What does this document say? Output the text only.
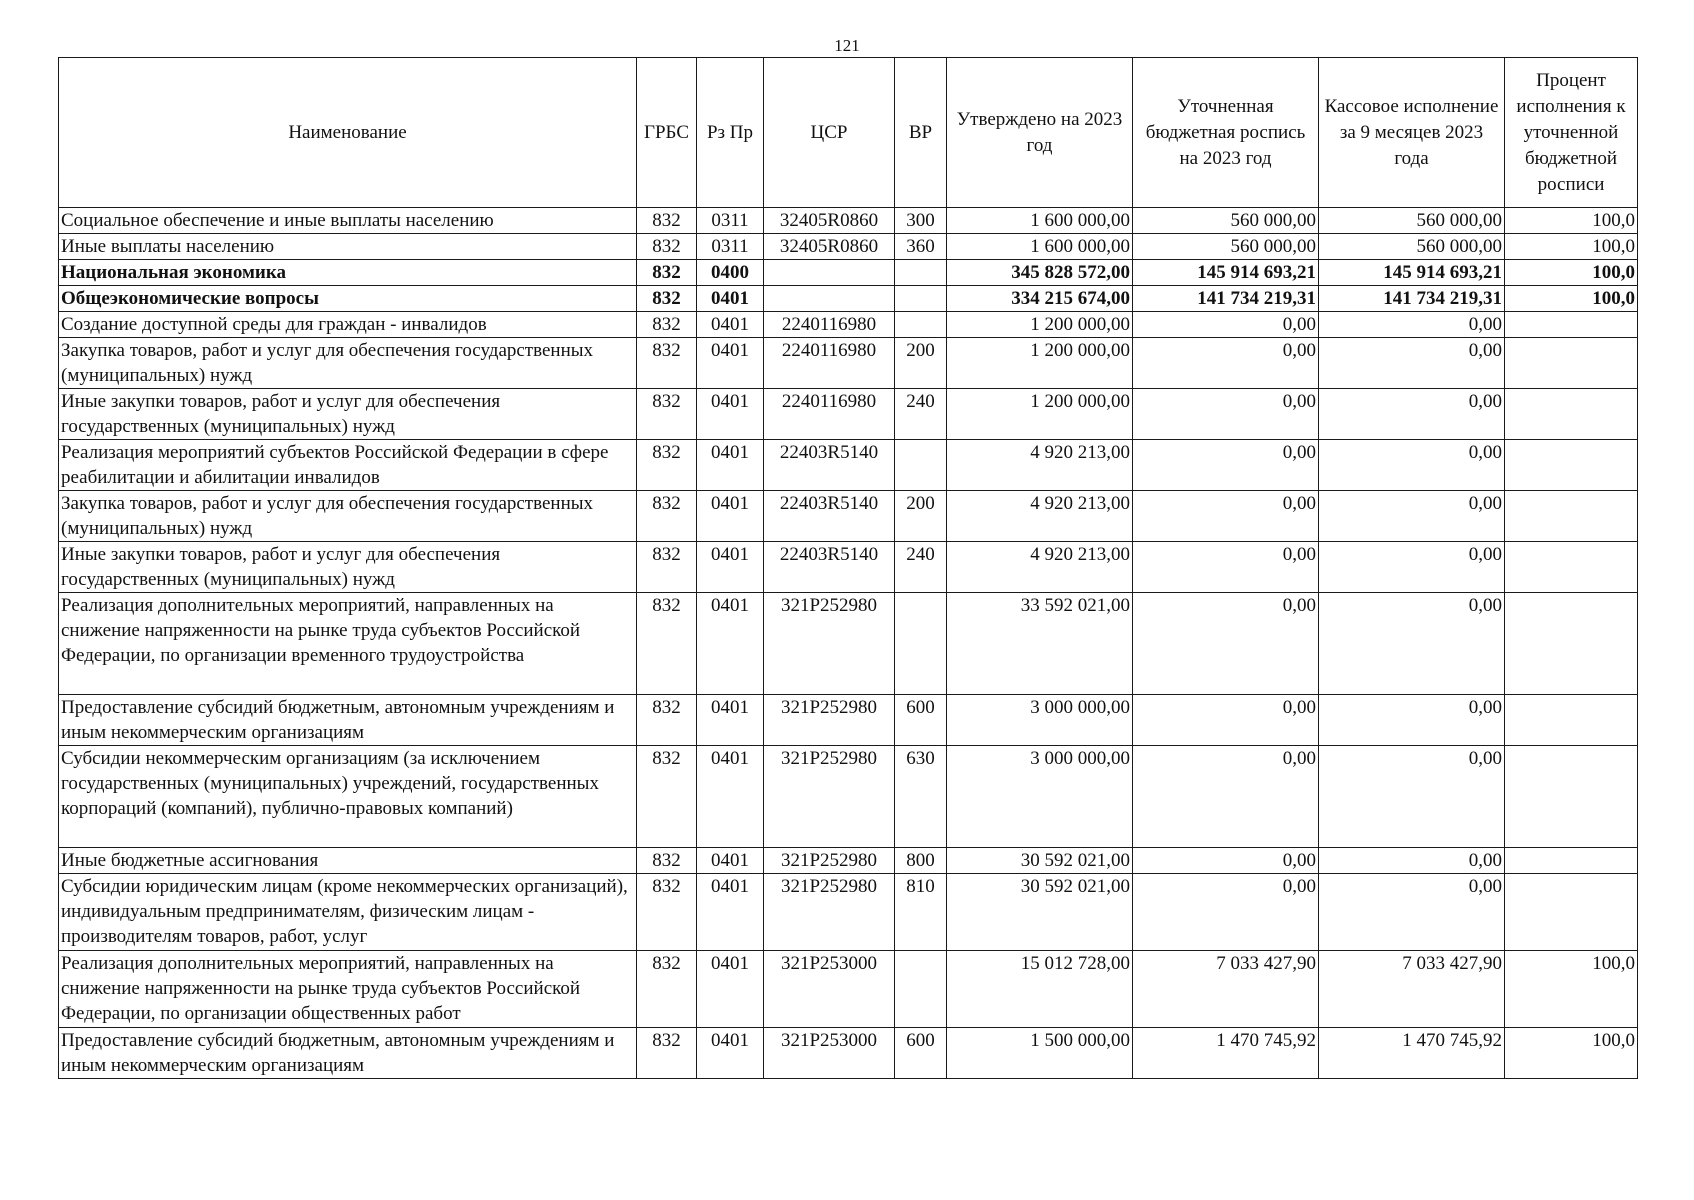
121
Наименование	ГРБС	Рз Пр	ЦСР	ВР	Утверждено на 2023 год	Уточненная бюджетная роспись на 2023 год	Кассовое исполнение за 9 месяцев 2023 года	Процент исполнения к уточненной бюджетной росписи
Социальное обеспечение и иные выплаты населению	832	0311	32405R0860	300	1 600 000,00	560 000,00	560 000,00	100,0
Иные выплаты населению	832	0311	32405R0860	360	1 600 000,00	560 000,00	560 000,00	100,0
Национальная экономика	832	0400			345 828 572,00	145 914 693,21	145 914 693,21	100,0
Общеэкономические вопросы	832	0401			334 215 674,00	141 734 219,31	141 734 219,31	100,0
Создание доступной среды для граждан - инвалидов	832	0401	2240116980		1 200 000,00	0,00	0,00	
Закупка товаров, работ и услуг для обеспечения государственных (муниципальных) нужд	832	0401	2240116980	200	1 200 000,00	0,00	0,00	
Иные закупки товаров, работ и услуг для обеспечения государственных (муниципальных) нужд	832	0401	2240116980	240	1 200 000,00	0,00	0,00	
Реализация мероприятий субъектов Российской Федерации в сфере реабилитации и абилитации инвалидов	832	0401	22403R5140		4 920 213,00	0,00	0,00	
Закупка товаров, работ и услуг для обеспечения государственных (муниципальных) нужд	832	0401	22403R5140	200	4 920 213,00	0,00	0,00	
Иные закупки товаров, работ и услуг для обеспечения государственных (муниципальных) нужд	832	0401	22403R5140	240	4 920 213,00	0,00	0,00	
Реализация дополнительных мероприятий, направленных на снижение напряженности на рынке труда субъектов Российской Федерации, по организации временного трудоустройства	832	0401	321P252980		33 592 021,00	0,00	0,00	
Предоставление субсидий бюджетным, автономным учреждениям и иным некоммерческим организациям	832	0401	321P252980	600	3 000 000,00	0,00	0,00	
Субсидии некоммерческим организациям (за исключением государственных (муниципальных) учреждений, государственных корпораций (компаний), публично-правовых компаний)	832	0401	321P252980	630	3 000 000,00	0,00	0,00	
Иные бюджетные ассигнования	832	0401	321P252980	800	30 592 021,00	0,00	0,00	
Субсидии юридическим лицам (кроме некоммерческих организаций), индивидуальным предпринимателям, физическим лицам - производителям товаров, работ, услуг	832	0401	321P252980	810	30 592 021,00	0,00	0,00	
Реализация дополнительных мероприятий, направленных на снижение напряженности на рынке труда субъектов Российской Федерации, по организации общественных работ	832	0401	321P253000		15 012 728,00	7 033 427,90	7 033 427,90	100,0
Предоставление субсидий бюджетным, автономным учреждениям и иным некоммерческим организациям	832	0401	321P253000	600	1 500 000,00	1 470 745,92	1 470 745,92	100,0
